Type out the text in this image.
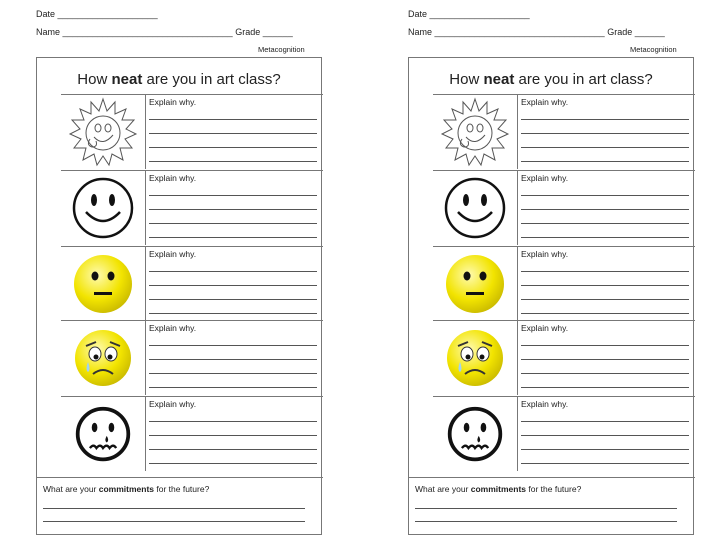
Date ____________________
Name __________________________________ Grade ______
Metacognition
How neat are you in art class?
Explain why.
Explain why.
Explain why.
Explain why.
Explain why.
What are your commitments for the future?
Date ____________________
Name __________________________________ Grade ______
Metacognition
How neat are you in art class?
Explain why.
Explain why.
Explain why.
Explain why.
Explain why.
What are your commitments for the future?
